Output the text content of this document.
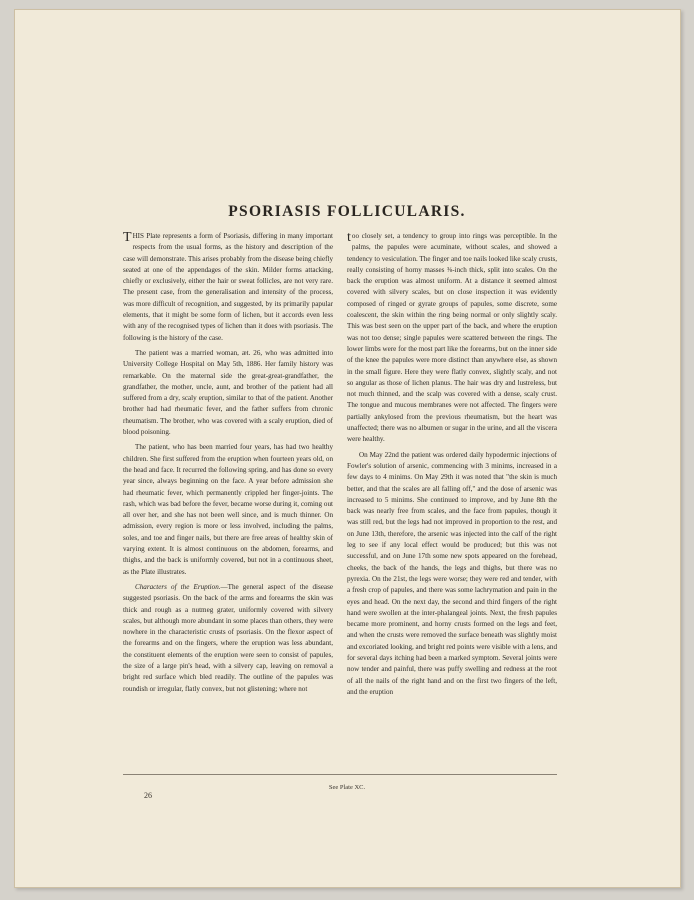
PSORIASIS FOLLICULARIS.

THIS Plate represents a form of Psoriasis, differing in many important respects from the usual forms, as the history and description of the case will demonstrate. This arises probably from the disease being chiefly seated at one of the appendages of the skin. Milder forms attacking, chiefly or exclusively, either the hair or sweat follicles, are not very rare. The present case, from the generalisation and intensity of the process, was more difficult of recognition, and suggested, by its primarily papular elements, that it might be some form of lichen, but it accords even less with any of the recognised types of lichen than it does with psoriasis. The following is the history of the case.

The patient was a married woman, æt. 26, who was admitted into University College Hospital on May 5th, 1886. Her family history was remarkable. On the maternal side the great-great-grandfather, the grandfather, the mother, uncle, aunt, and brother of the patient had all suffered from a dry, scaly eruption, similar to that of the patient. Another brother had had rheumatic fever, and the father suffers from chronic rheumatism. The brother, who was covered with a scaly eruption, died of blood poisoning.

The patient, who has been married four years, has had two healthy children. She first suffered from the eruption when fourteen years old, on the head and face. It recurred the following spring, and has done so every year since, always beginning on the face. A year before admission she had rheumatic fever, which permanently crippled her finger-joints. The rash, which was bad before the fever, became worse during it, coming out all over her, and she has not been well since, and is much thinner. On admission, every region is more or less involved, including the palms, soles, and toe and finger nails, but there are free areas of healthy skin of varying extent. It is almost continuous on the abdomen, forearms, and thighs, and the back is uniformly covered, but not in a continuous sheet, as the Plate illustrates.

Characters of the Eruption.—The general aspect of the disease suggested psoriasis. On the back of the arms and forearms the skin was thick and rough as a nutmeg grater, uniformly covered with silvery scales, but although more abundant in some places than others, they were nowhere in the characteristic crusts of psoriasis. On the flexor aspect of the forearms and on the fingers, where the eruption was less abundant, the constituent elements of the eruption were seen to consist of papules, the size of a large pin's head, with a silvery cap, leaving on removal a bright red surface which bled readily. The outline of the papules was roundish or irregular, flatly convex, but not glistening; where not

too closely set, a tendency to group into rings was perceptible. In the palms, the papules were acuminate, without scales, and showed a tendency to vesiculation. The finger and toe nails looked like scaly crusts, really consisting of horny masses ⅜-inch thick, split into scales. On the back the eruption was almost uniform. At a distance it seemed almost covered with silvery scales, but on close inspection it was evidently composed of ringed or gyrate groups of papules, some discrete, some coalescent, the skin within the ring being normal or only slightly scaly. This was best seen on the upper part of the back, and where the eruption was not too dense; single papules were scattered between the rings. The lower limbs were for the most part like the forearms, but on the inner side of the knee the papules were more distinct than anywhere else, as shown in the small figure. Here they were flatly convex, slightly scaly, and not so angular as those of lichen planus. The hair was dry and lustreless, but not much thinned, and the scalp was covered with a dense, scaly crust. The tongue and mucous membranes were not affected. The fingers were partially ankylosed from the previous rheumatism, but the heart was unaffected; there was no albumen or sugar in the urine, and all the viscera were healthy.

On May 22nd the patient was ordered daily hypodermic injections of Fowler's solution of arsenic, commencing with 3 minims, increased in a few days to 4 minims. On May 29th it was noted that "the skin is much better, and that the scales are all falling off," and the dose of arsenic was increased to 5 minims. She continued to improve, and by June 8th the back was nearly free from scales, and the face from papules, though it was still red, but the legs had not improved in proportion to the rest, and on June 13th, therefore, the arsenic was injected into the calf of the right leg to see if any local effect would be produced; but this was not successful, and on June 17th some new spots appeared on the forehead, cheeks, the back of the hands, the legs and thighs, but there was no pyrexia. On the 21st, the legs were worse; they were red and tender, with a fresh crop of papules, and there was some lachrymation and pain in the eyes and head. On the next day, the second and third fingers of the right hand were swollen at the inter-phalangeal joints. Next, the fresh papules became more prominent, and horny crusts formed on the legs and feet, and when the crusts were removed the surface beneath was slightly moist and excoriated looking, and bright red points were visible with a lens, and for several days itching had been a marked symptom. Several joints were now tender and painful, there was puffy swelling and redness at the root of all the nails of the right hand and on the first two fingers of the left, and the eruption

See Plate XC.
26
